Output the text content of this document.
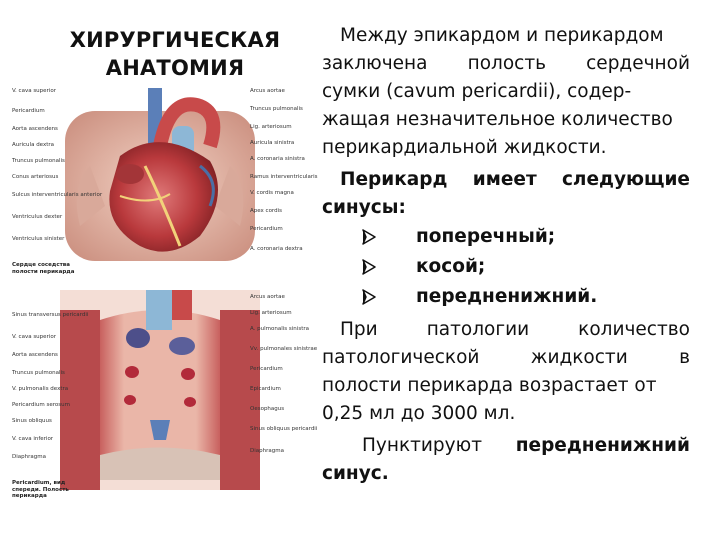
ХИРУРГИЧЕСКАЯ
АНАТОМИЯ
V. cava superior
Pericardium
Aorta ascendens
Auricula dextra
Truncus pulmonalis
Conus arteriosus
Sulcus interventricularis anterior
Ventriculus dexter
Ventriculus sinister
Arcus aortae
Truncus pulmonalis
Lig. arteriosum
Auricula sinistra
A. coronaria sinistra
Ramus interventricularis
V. cordis magna
Apex cordis
Pericardium
A. coronaria dextra
Сердце соседства полости перикарда
Sinus transversus pericardii
V. cava superior
Aorta ascendens
Truncus pulmonalis
V. pulmonalis dextra
Pericardium serosum
Sinus obliquus
V. cava inferior
Diaphragma
Arcus aortae
Lig. arteriosum
A. pulmonalis sinistra
Vv. pulmonales sinistrae
Pericardium
Epicardium
Oesophagus
Sinus obliquus pericardii
Diaphragma
Pericardium, вид спереди. Полость перикарда

Между эпикардом и перикардом

заключена полость сердечной
сумки (cavum pericardii), содер-
жащая незначительное количество
перикардиальной жидкости.

Перикард имеет следующие
синусы:

поперечный;
косой;
передненижний.

При	патологии	количество
патологической	жидкости	в
полости перикарда возрастает от
0,25 мл до 3000 мл.

Пунктируют передненижний
синус.
